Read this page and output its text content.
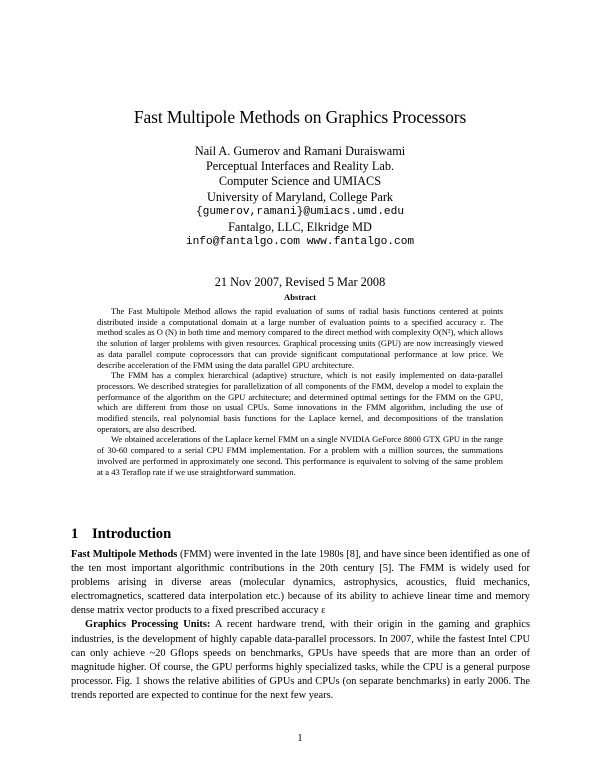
Fast Multipole Methods on Graphics Processors
Nail A. Gumerov and Ramani Duraiswami
Perceptual Interfaces and Reality Lab.
Computer Science and UMIACS
University of Maryland, College Park
{gumerov,ramani}@umiacs.umd.edu
Fantalgo, LLC, Elkridge MD
info@fantalgo.com www.fantalgo.com
21 Nov 2007, Revised 5 Mar 2008
Abstract

The Fast Multipole Method allows the rapid evaluation of sums of radial basis functions centered at points distributed inside a computational domain at a large number of evaluation points to a specified accuracy ε. The method scales as O (N) in both time and memory compared to the direct method with complexity O(N²), which allows the solution of larger problems with given resources. Graphical processing units (GPU) are now increasingly viewed as data parallel compute coprocessors that can provide significant computational performance at low price. We describe acceleration of the FMM using the data parallel GPU architecture.

The FMM has a complex hierarchical (adaptive) structure, which is not easily implemented on data-parallel processors. We described strategies for parallelization of all components of the FMM, develop a model to explain the performance of the algorithm on the GPU architecture; and determined optimal settings for the FMM on the GPU, which are different from those on usual CPUs. Some innovations in the FMM algorithm, including the use of modified stencils, real polynomial basis functions for the Laplace kernel, and decompositions of the translation operators, are also described.

We obtained accelerations of the Laplace kernel FMM on a single NVIDIA GeForce 8800 GTX GPU in the range of 30-60 compared to a serial CPU FMM implementation. For a problem with a million sources, the summations involved are performed in approximately one second. This performance is equivalent to solving of the same problem at a 43 Teraflop rate if we use straightforward summation.

1 Introduction

Fast Multipole Methods (FMM) were invented in the late 1980s [8], and have since been identified as one of the ten most important algorithmic contributions in the 20th century [5]. The FMM is widely used for problems arising in diverse areas (molecular dynamics, astrophysics, acoustics, fluid mechanics, electromagnetics, scattered data interpolation etc.) because of its ability to achieve linear time and memory dense matrix vector products to a fixed prescribed accuracy ε

Graphics Processing Units: A recent hardware trend, with their origin in the gaming and graphics industries, is the development of highly capable data-parallel processors. In 2007, while the fastest Intel CPU can only achieve ~20 Gflops speeds on benchmarks, GPUs have speeds that are more than an order of magnitude higher. Of course, the GPU performs highly specialized tasks, while the CPU is a general purpose processor. Fig. 1 shows the relative abilities of GPUs and CPUs (on separate benchmarks) in early 2006. The trends reported are expected to continue for the next few years.

1
